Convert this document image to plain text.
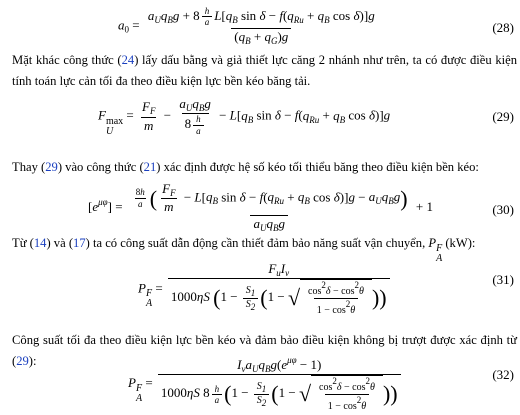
$a_0 = \frac{a_Uq_Bg + 8 \frac{h}{a} L[q_B \sin \delta - f(q_{Ru} + q_B \cos \delta)]g}{(q_B + q_G)g}$	(28)
Mặt khác công thức (24) lấy dấu bằng và giả thiết lực căng 2 nhánh như trên, ta có được điều kiện tính toán lực cản tối đa theo điều kiện lực bền kéo băng tải.
F max
U
= $\frac{F_F}{m} - \frac{a_Uq_Bg}{8 \frac{h}{a}} - L[q_B$ $\sin \delta - f(q_{Ru} + q_B$ cos δ)]g	(29)
Thay (29) vào công thức (21) xác định được hệ số kéo tối thiểu băng theo điều kiện bền kéo:
$[e^{\mu\varphi}] = \frac{\frac{8h}{a} ( \frac{F_F}{m} - L[q_B \sin \delta - f(q_{Ru} + q_B \cos \delta)]g - a_Uq_Bg)}{a_Uq_Bg} + 1$	(30)
Từ (14) và (17) ta có công suất dẫn động cần thiết đảm bảo năng suất vận chuyển, P F
A
(kW):
P F
A
= $\frac{F_uI_v}{1000\eta S (1 - \frac{S1}{S2} (1 - √ \frac{\cos 2\delta - \cos 2\theta}{1 - \cos 2\theta} ))}$	(31)
Công suất tối đa theo điều kiện lực bền kéo và đảm bảo điều kiện không bị trượt được xác định từ (29):
P F
A
= $\frac{I_va_Uq_Bg(e^{\mu\varphi} - 1)}{1000\eta S 8 \frac{h}{a} (1 - \frac{S1}{S2} (1 - √ \frac{\cos 2\delta - \cos 2\theta}{1 - \cos 2\theta} ))}$	(32)
